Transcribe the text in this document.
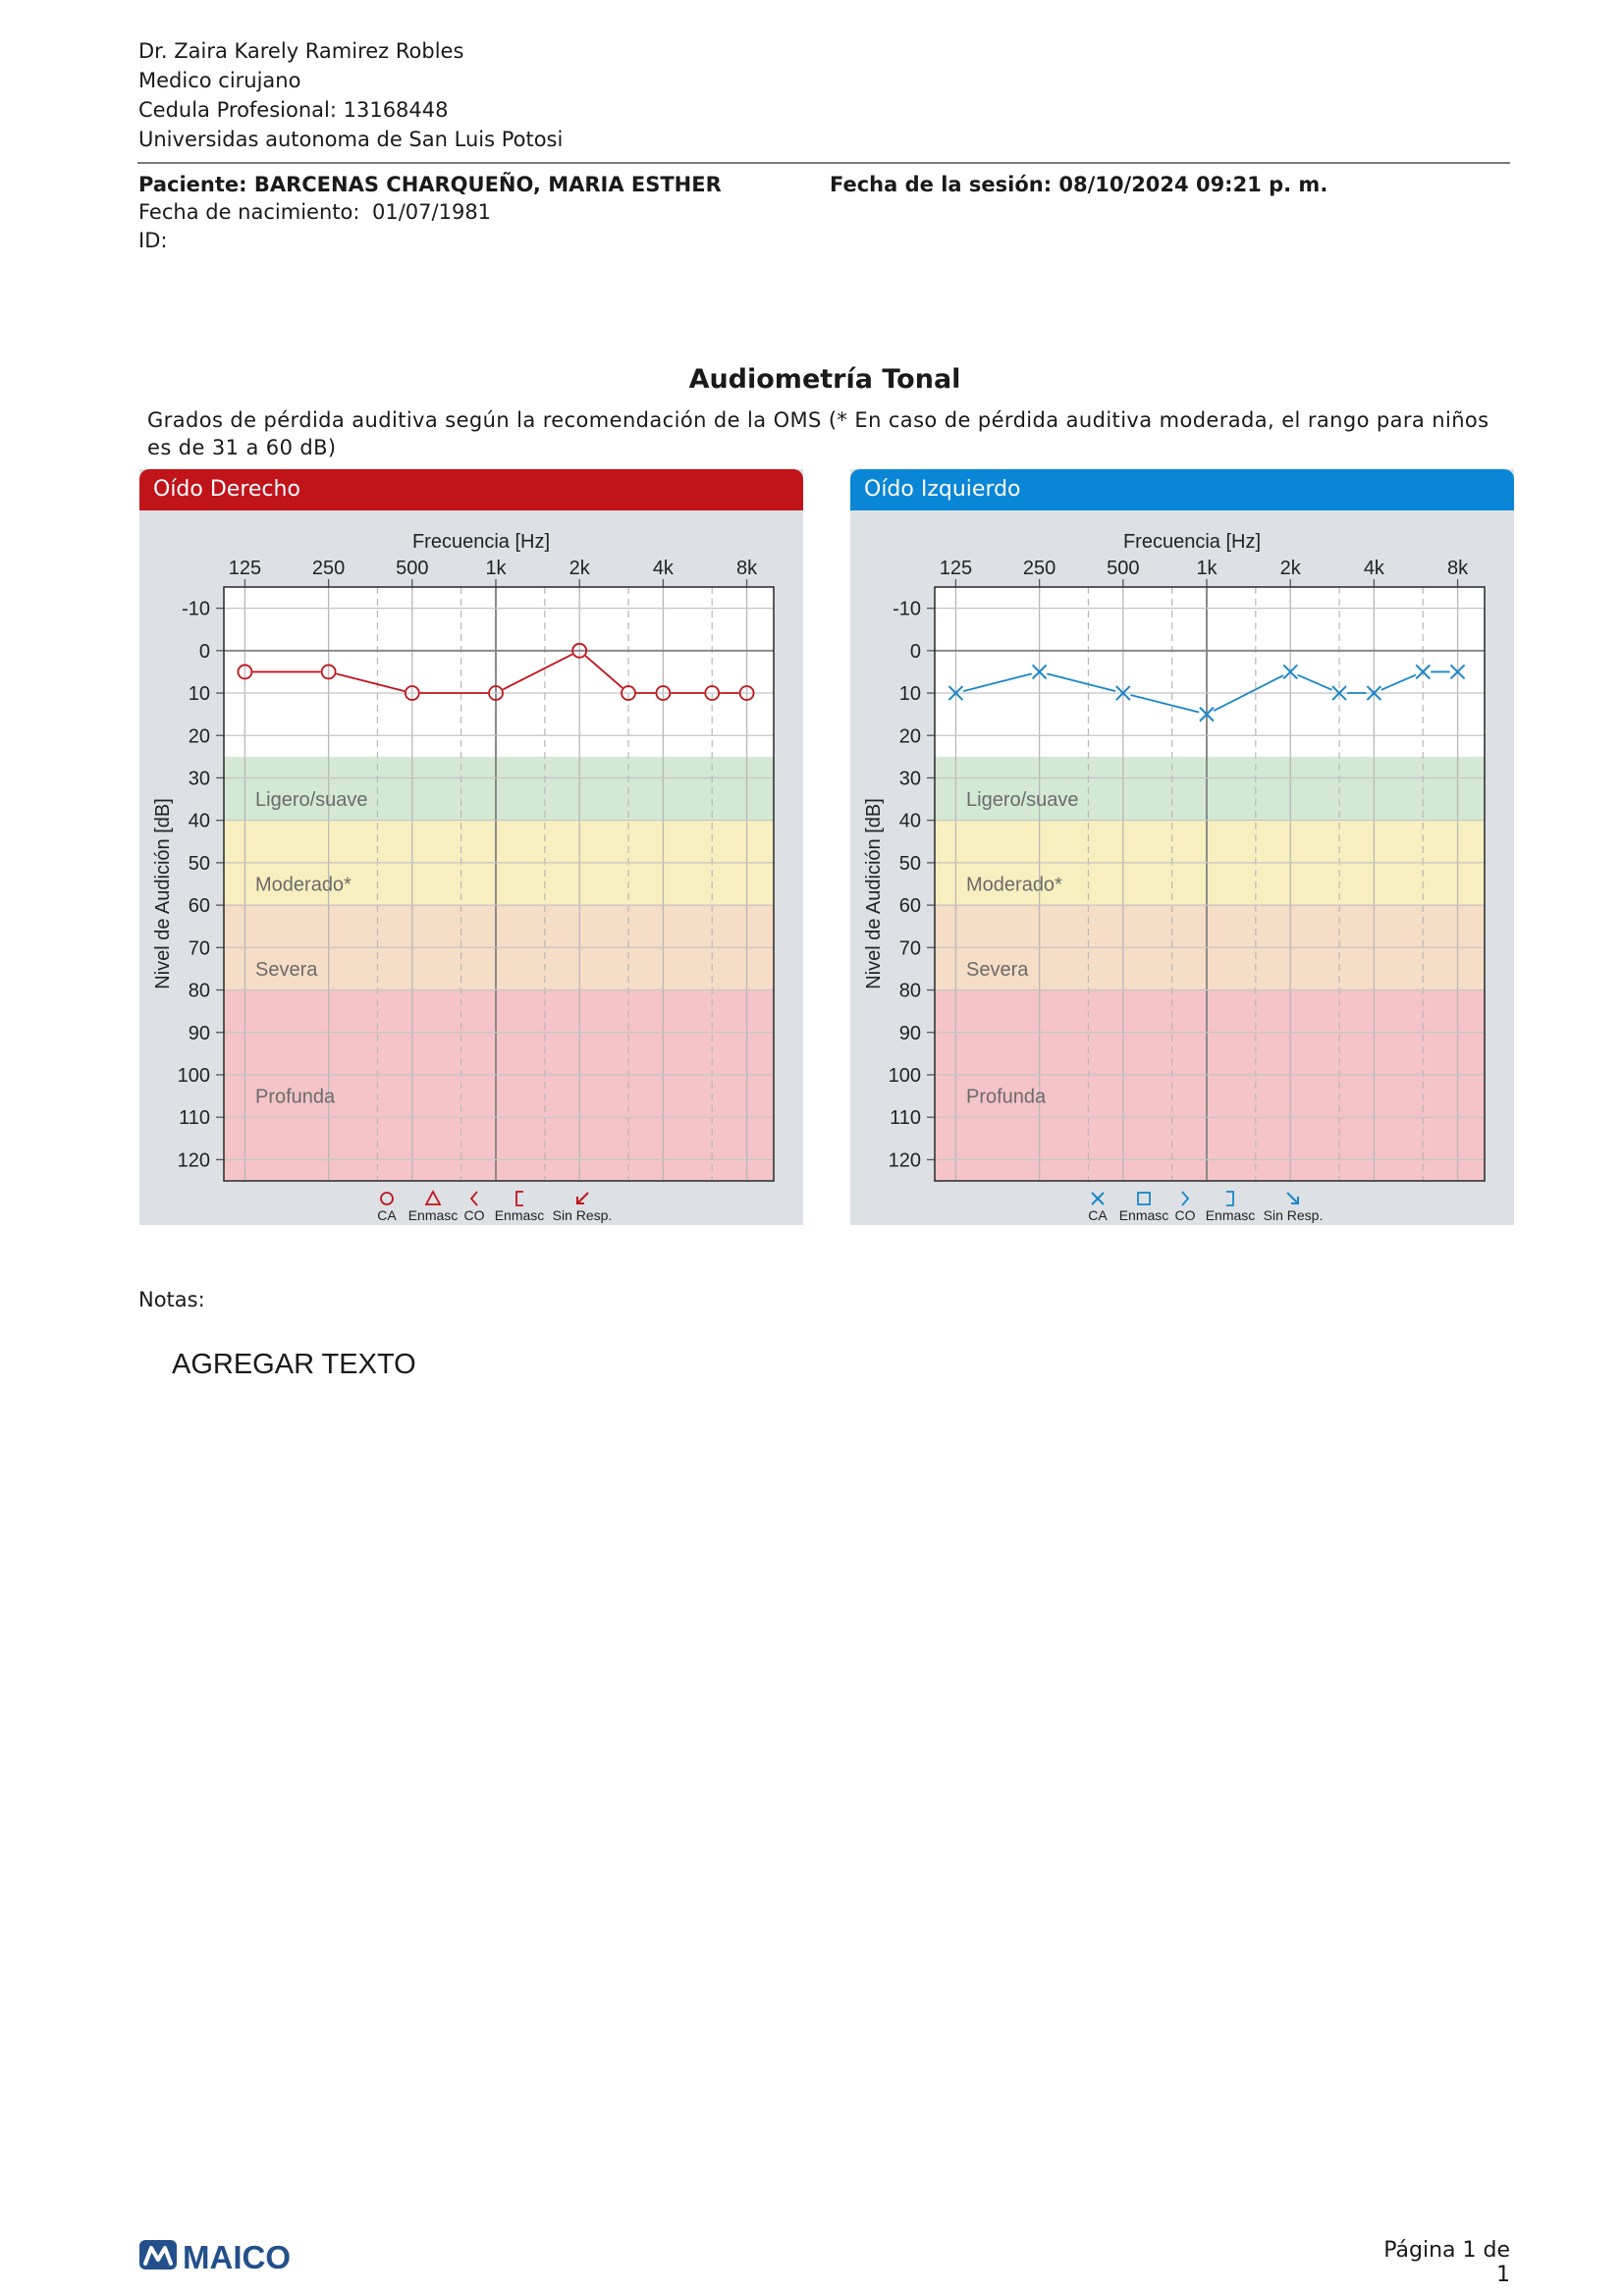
Dr. Zaira Karely Ramirez Robles
Medico cirujano
Cedula Profesional: 13168448
Universidas autonoma de San Luis Potosi
Paciente: BARCENAS CHARQUEÑO, MARIA ESTHER	Fecha de la sesión: 08/10/2024 09:21 p. m.
Fecha de nacimiento: 01/07/1981
ID:
Audiometría Tonal
Grados de pérdida auditiva según la recomendación de la OMS (* En caso de pérdida auditiva moderada, el rango para niños es de 31 a 60 dB)
Oído Derecho
Ligero/suave
Moderado*
Severa
Profunda
Frecuencia [Hz]
Nivel de Audición [dB]
125	250	500	1k	2k	4k	8k
-10
0
10
20
30
40
50
60
70
80
90
100
110
120
CA Enmasc CO Enmasc Sin Resp.
Oído Izquierdo
Ligero/suave
Moderado*
Severa
Profunda
Frecuencia [Hz]
Nivel de Audición [dB]
125	250	500	1k	2k	4k	8k
-10
0
10
20
30
40
50
60
70
80
90
100
110
120
CA Enmasc CO Enmasc Sin Resp.
Notas:
AGREGAR TEXTO
MAICO	Página 1 de 1
